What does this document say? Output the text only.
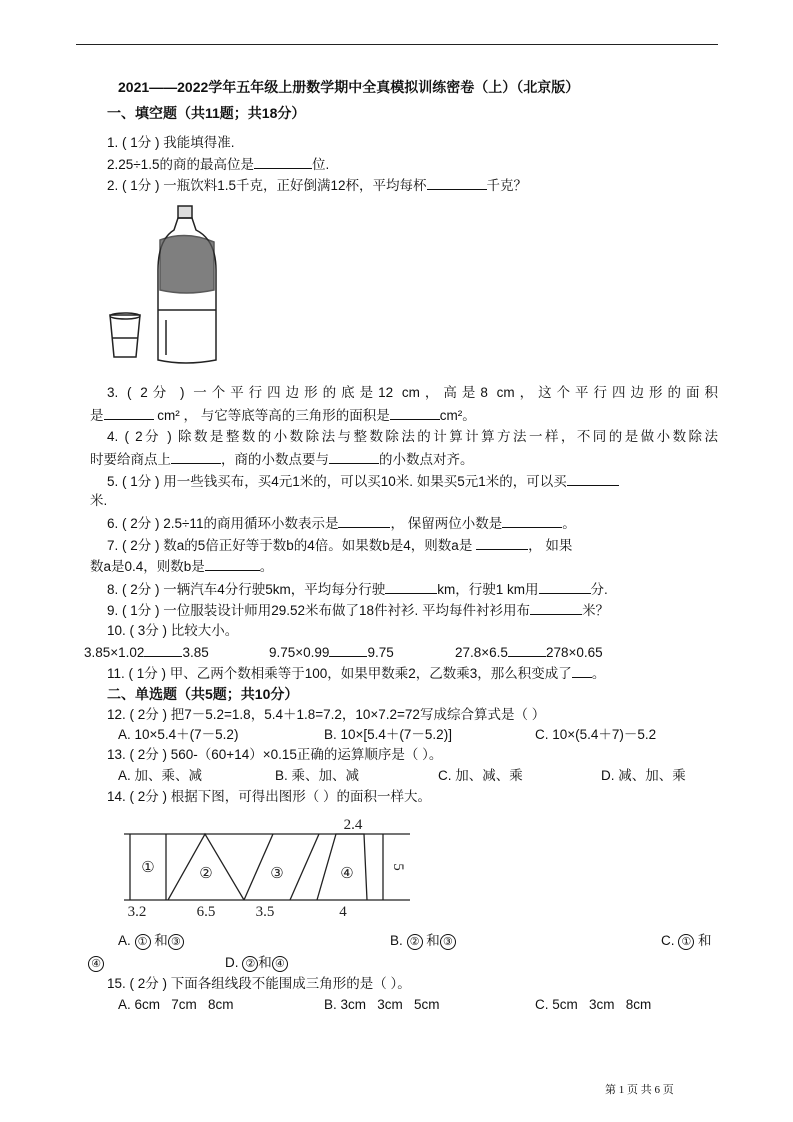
2021——2022学年五年级上册数学期中全真模拟训练密卷（上）（北京版）
一、填空题（共11题；共18分）
1. ( 1分 ) 我能填得准.
2.25÷1.5的商的最高位是	位.
2. ( 1分 ) 一瓶饮料1.5千克，正好倒满12杯，平均每杯	千克？
3. ( 2分 ) 一个平行四边形的底是12 cm，高是8 cm，这个平行四边形的面积
是	cm² ， 与它等底等高的三角形的面积是	cm²。
4. ( 2分 ) 除数是整数的小数除法与整数除法的计算计算方法一样，不同的是做小数除法
时要给商点上	，商的小数点要与	的小数点对齐。
5. ( 1分 ) 用一些钱买布，买4元1米的，可以买10米. 如果买5元1米的，可以买
米.
6. ( 2分 ) 2.5÷11的商用循环小数表示是	， 保留两位小数是	。
7. ( 2分 ) 数a的5倍正好等于数b的4倍。如果数b是4，则数a是	， 如果
数a是0.4，则数b是	。
8. ( 2分 ) 一辆汽车4分行驶5km，平均每分行驶	km，行驶1 km用	分.
9. ( 1分 ) 一位服装设计师用29.52米布做了18件衬衫. 平均每件衬衫用布	米？
10. ( 3分 ) 比较大小。
3.85×1.02	3.85	9.75×0.99	9.75	27.8×6.5	278×0.65
11. ( 1分 ) 甲、乙两个数相乘等于100，如果甲数乘2，乙数乘3，那么积变成了 。
二、单选题（共5题；共10分）
12. ( 2分 ) 把7－5.2=1.8，5.4＋1.8=7.2，10×7.2=72写成综合算式是（ ）
A. 10×5.4＋(7－5.2)	B. 10×[5.4＋(7－5.2)]	C. 10×(5.4＋7)－5.2
13. ( 2分 ) 560-（60+14）×0.15正确的运算顺序是（ ）。
A. 加、乘、减	B. 乘、加、减	C. 加、减、乘	D. 减、加、乘
14. ( 2分 ) 根据下图，可得出图形（ ）的面积一样大。
①	②	③	④
3.2	6.5	3.5	4
2.4
5
A. ① 和 ③	B. ② 和 ③	C. ① 和
④	D. ② 和 ④
15. ( 2分 ) 下面各组线段不能围成三角形的是（ ）。
A. 6cm   7cm   8cm	B. 3cm   3cm   5cm	C. 5cm   3cm   8cm
第 1 页 共 6 页
